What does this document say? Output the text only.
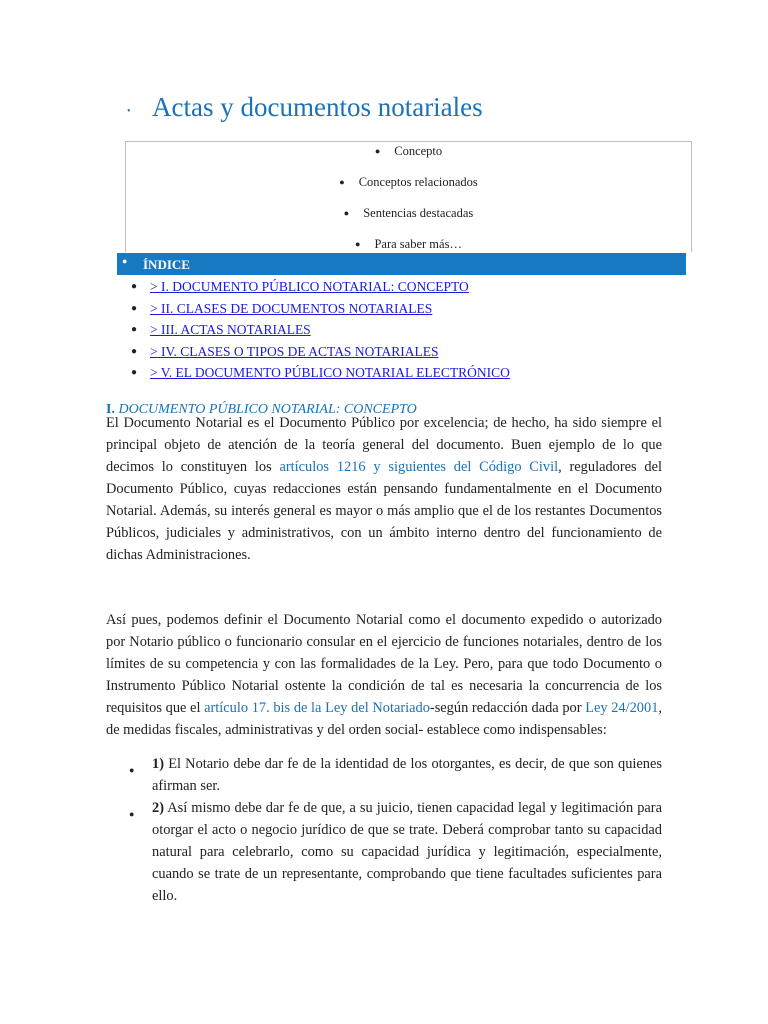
• Actas y documentos notariales
● Concepto
● Conceptos relacionados
● Sentencias destacadas
● Para saber más…
● ÍNDICE
● > I. DOCUMENTO PÚBLICO NOTARIAL: CONCEPTO
● > II. CLASES DE DOCUMENTOS NOTARIALES
● > III. ACTAS NOTARIALES
● > IV. CLASES O TIPOS DE ACTAS NOTARIALES
● > V. EL DOCUMENTO PÚBLICO NOTARIAL ELECTRÓNICO
I. DOCUMENTO PÚBLICO NOTARIAL: CONCEPTO
El Documento Notarial es el Documento Público por excelencia; de hecho, ha sido siempre el principal objeto de atención de la teoría general del documento. Buen ejemplo de lo que decimos lo constituyen los artículos 1216 y siguientes del Código Civil, reguladores del Documento Público, cuyas redacciones están pensando fundamentalmente en el Documento Notarial. Además, su interés general es mayor o más amplio que el de los restantes Documentos Públicos, judiciales y administrativos, con un ámbito interno dentro del funcionamiento de dichas Administraciones.
Así pues, podemos definir el Documento Notarial como el documento expedido o autorizado por Notario público o funcionario consular en el ejercicio de funciones notariales, dentro de los límites de su competencia y con las formalidades de la Ley. Pero, para que todo Documento o Instrumento Público Notarial ostente la condición de tal es necesaria la concurrencia de los requisitos que el artículo 17. bis de la Ley del Notariado-según redacción dada por Ley 24/2001, de medidas fiscales, administrativas y del orden social- establece como indispensables:
● 1) El Notario debe dar fe de la identidad de los otorgantes, es decir, de que son quienes afirman ser.
● 2) Así mismo debe dar fe de que, a su juicio, tienen capacidad legal y legitimación para otorgar el acto o negocio jurídico de que se trate. Deberá comprobar tanto su capacidad natural para celebrarlo, como su capacidad jurídica y legitimación, especialmente, cuando se trate de un representante, comprobando que tiene facultades suficientes para ello.
